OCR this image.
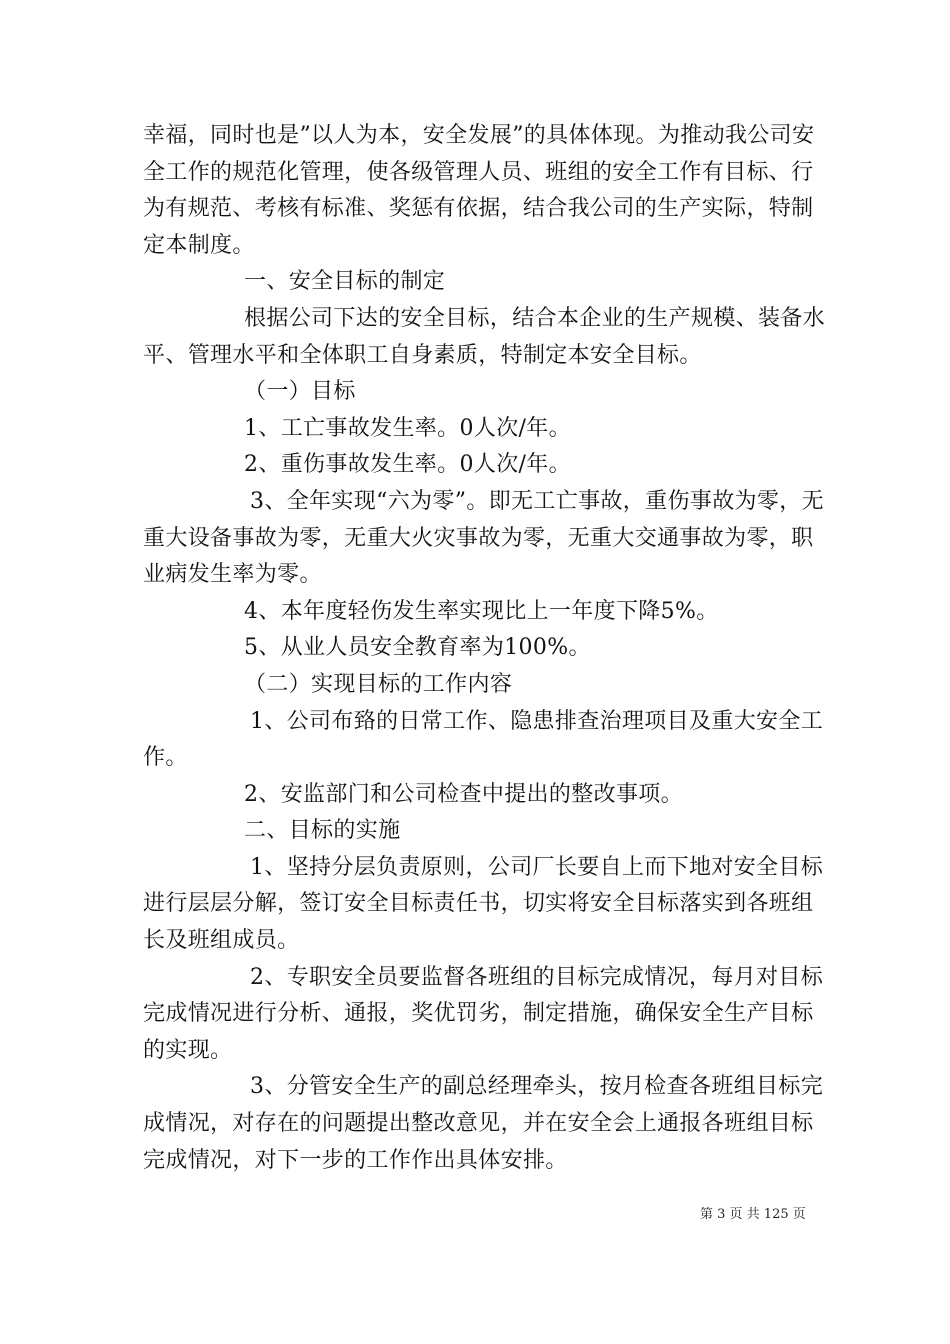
幸福，同时也是”以人为本，安全发展”的具体体现。为推动我公司安全工作的规范化管理，使各级管理人员、班组的安全工作有目标、行为有规范、考核有标准、奖惩有依据，结合我公司的生产实际，特制定本制度。

一、安全目标的制定

根据公司下达的安全目标，结合本企业的生产规模、装备水平、管理水平和全体职工自身素质，特制定本安全目标。

（一）目标

1、工亡事故发生率。0人次/年。

2、重伤事故发生率。0人次/年。

3、全年实现“六为零”。即无工亡事故，重伤事故为零，无重大设备事故为零，无重大火灾事故为零，无重大交通事故为零，职业病发生率为零。

4、本年度轻伤发生率实现比上一年度下降5%。

5、从业人员安全教育率为100%。

（二）实现目标的工作内容

1、公司布臵的日常工作、隐患排查治理项目及重大安全工作。

2、安监部门和公司检查中提出的整改事项。

二、目标的实施

1、坚持分层负责原则，公司厂长要自上而下地对安全目标进行层层分解，签订安全目标责任书，切实将安全目标落实到各班组长及班组成员。

2、专职安全员要监督各班组的目标完成情况，每月对目标完成情况进行分析、通报，奖优罚劣，制定措施，确保安全生产目标的实现。

3、分管安全生产的副总经理牵头，按月检查各班组目标完成情况，对存在的问题提出整改意见，并在安全会上通报各班组目标完成情况，对下一步的工作作出具体安排。

第 3 页 共 125 页
